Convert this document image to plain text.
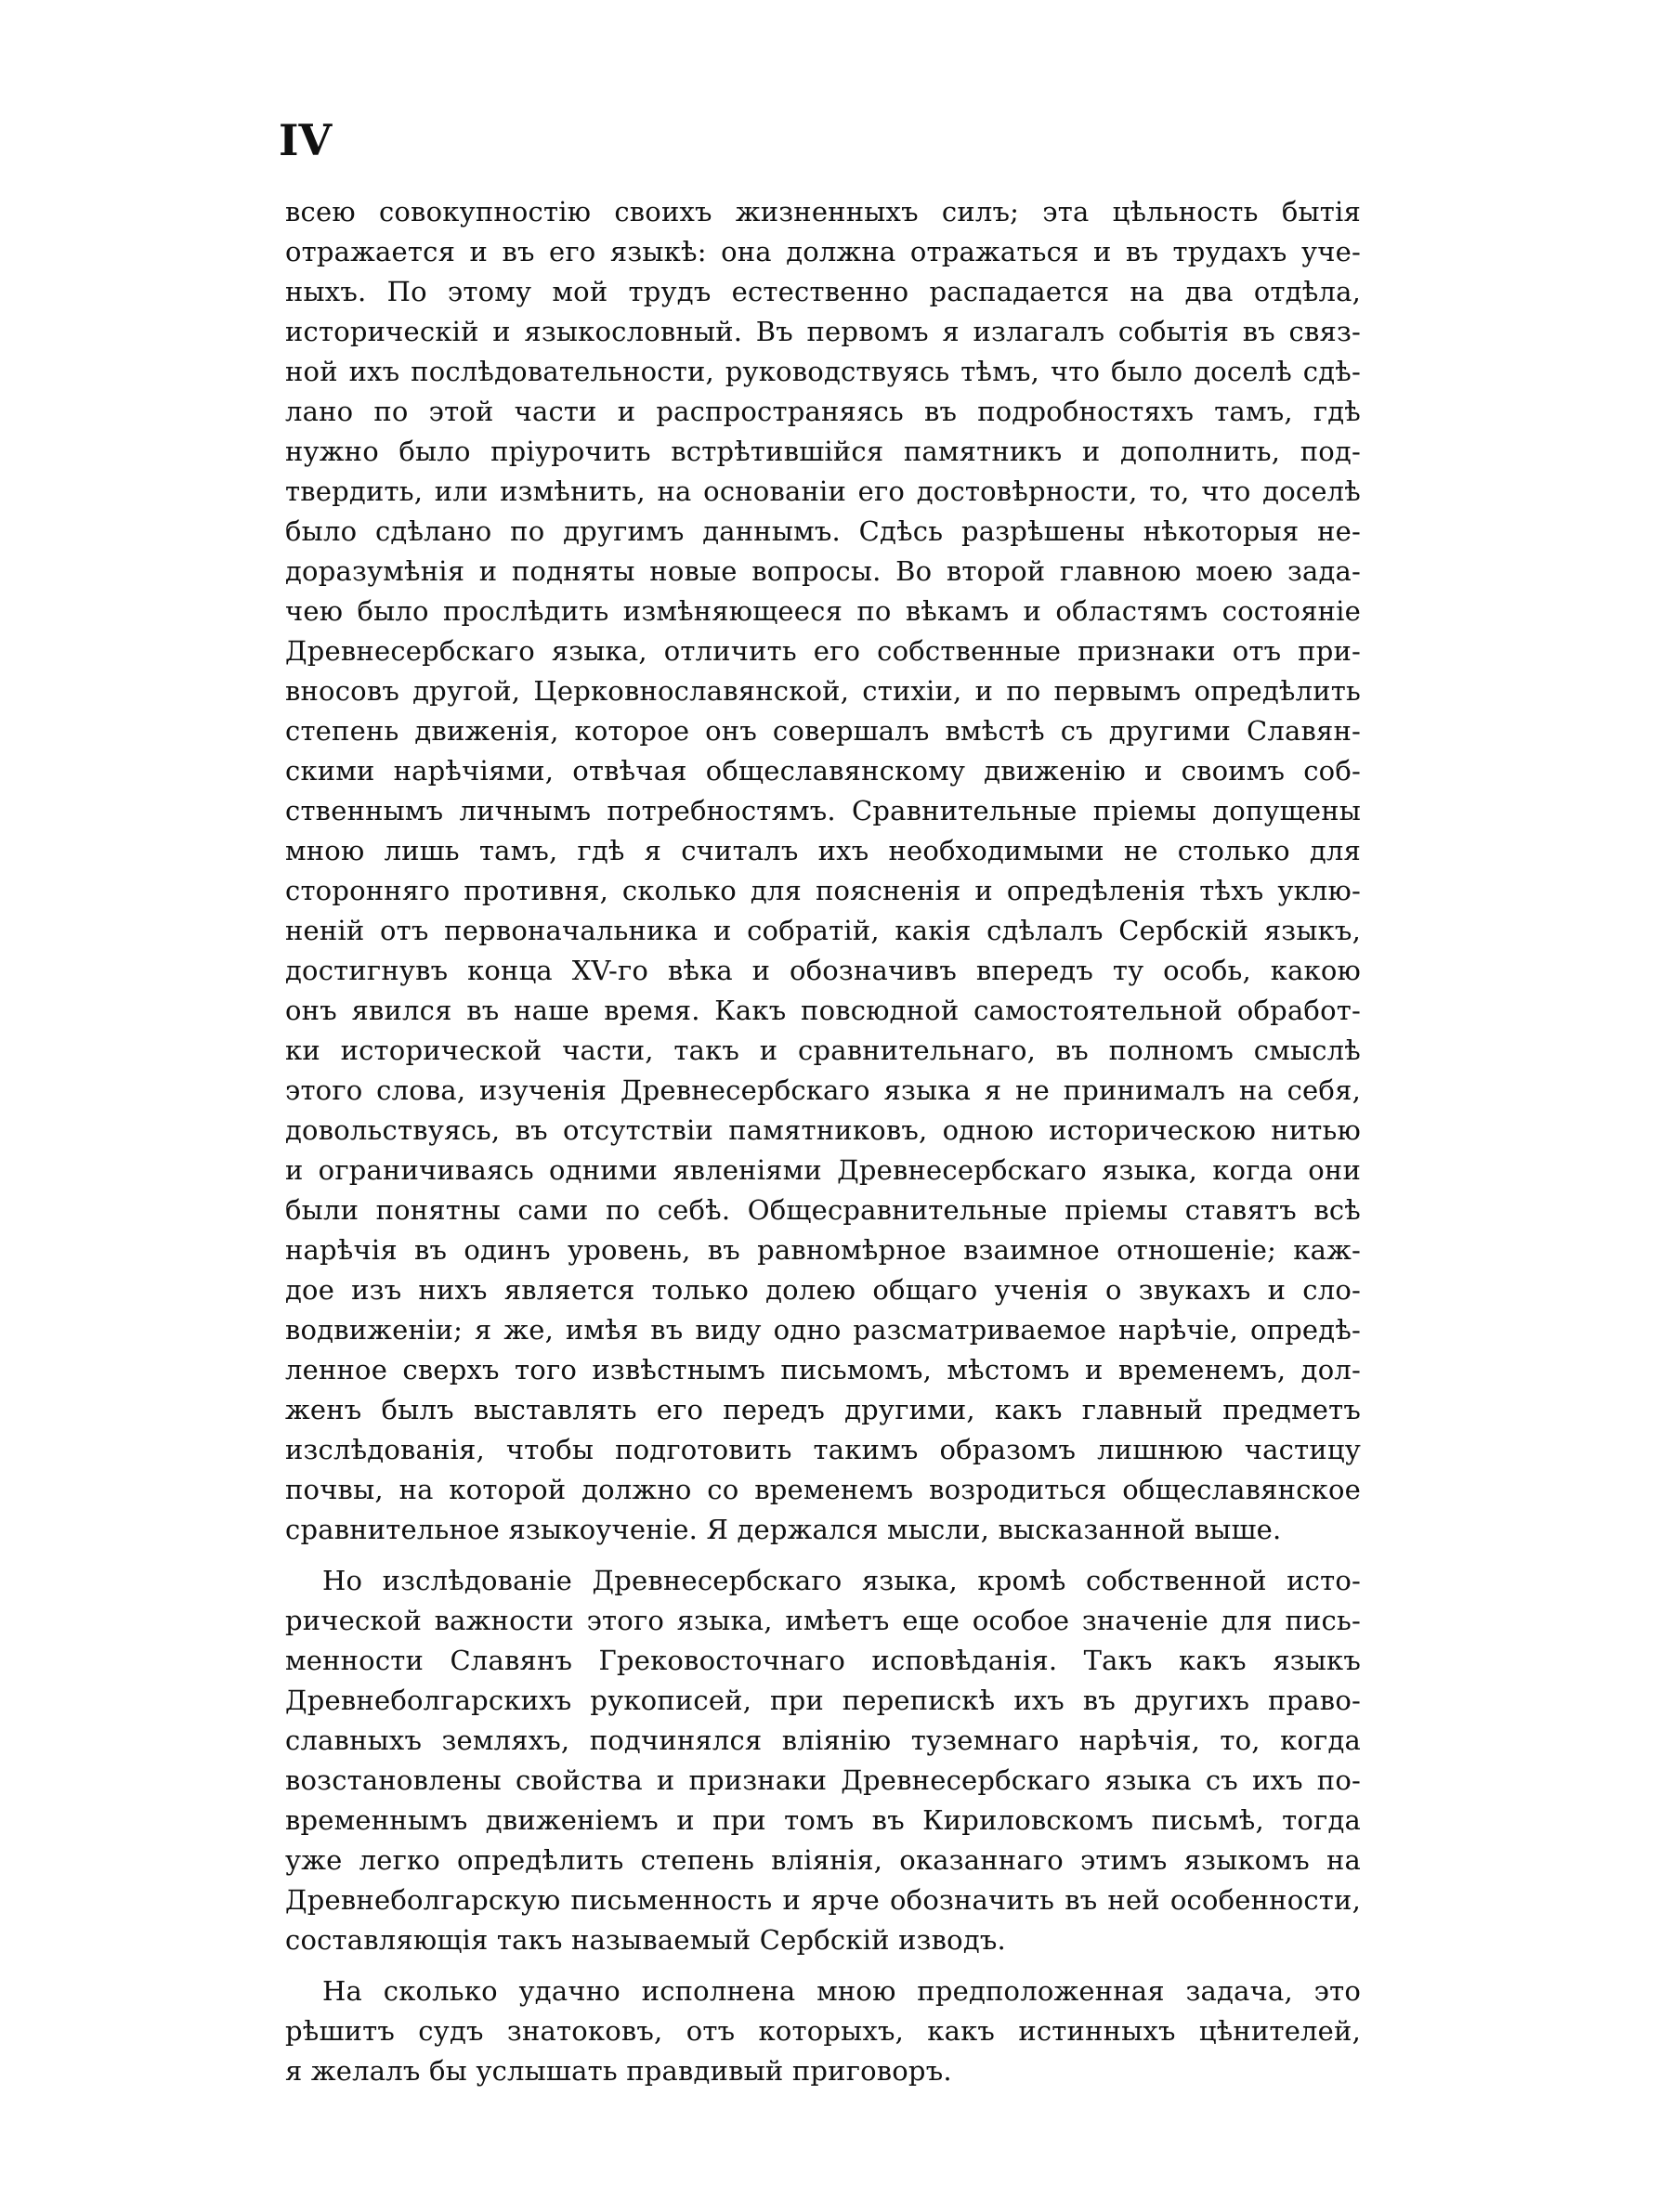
IV
всею совокупностію своихъ жизненныхъ силъ; эта цѣльность бытія
отражается и въ его языкѣ: она должна отражаться и въ трудахъ уче-
ныхъ. По этому мой трудъ естественно распадается на два отдѣла,
историческій и языкословный. Въ первомъ я излагалъ событія въ связ-
ной ихъ послѣдовательности, руководствуясь тѣмъ, что было доселѣ сдѣ-
лано по этой части и распространяясь въ подробностяхъ тамъ, гдѣ
нужно было пріурочить встрѣтившійся памятникъ и дополнить, под-
твердить, или измѣнить, на основаніи его достовѣрности, то, что доселѣ
было сдѣлано по другимъ даннымъ. Сдѣсь разрѣшены нѣкоторыя не-
доразумѣнія и подняты новые вопросы. Во второй главною моею зада-
чею было прослѣдить измѣняющееся по вѣкамъ и областямъ состояніе
Древнесербскаго языка, отличить его собственные признаки отъ при-
вносовъ другой, Церковнославянской, стихіи, и по первымъ опредѣлить
степень движенія, которое онъ совершалъ вмѣстѣ съ другими Славян-
скими нарѣчіями, отвѣчая общеславянскому движенію и своимъ соб-
ственнымъ личнымъ потребностямъ. Сравнительные пріемы допущены
мною лишь тамъ, гдѣ я считалъ ихъ необходимыми не столько для
сторонняго противня, сколько для поясненія и опредѣленія тѣхъ уклю-
неній отъ первоначальника и собратій, какія сдѣлалъ Сербскій языкъ,
достигнувъ конца XV-го вѣка и обозначивъ впередъ ту особь, какою
онъ явился въ наше время. Какъ повсюдной самостоятельной обработ-
ки исторической части, такъ и сравнительнаго, въ полномъ смыслѣ
этого слова, изученія Древнесербскаго языка я не принималъ на себя,
довольствуясь, въ отсутствіи памятниковъ, одною историческою нитью
и ограничиваясь одними явленіями Древнесербскаго языка, когда они
были понятны сами по себѣ. Общесравнительные пріемы ставятъ всѣ
нарѣчія въ одинъ уровень, въ равномѣрное взаимное отношеніе; каж-
дое изъ нихъ является только долею общаго ученія о звукахъ и сло-
водвиженіи; я же, имѣя въ виду одно разсматриваемое нарѣчіе, опредѣ-
ленное сверхъ того извѣстнымъ письмомъ, мѣстомъ и временемъ, дол-
женъ былъ выставлять его передъ другими, какъ главный предметъ
изслѣдованія, чтобы подготовить такимъ образомъ лишнюю частицу
почвы, на которой должно со временемъ возродиться общеславянское
сравнительное языкоученіе. Я держался мысли, высказанной выше.
Но изслѣдованіе Древнесербскаго языка, кромѣ собственной исто-
рической важности этого языка, имѣетъ еще особое значеніе для пись-
менности Славянъ Грековосточнаго исповѣданія. Такъ какъ языкъ
Древнеболгарскихъ рукописей, при перепискѣ ихъ въ другихъ право-
славныхъ земляхъ, подчинялся вліянію туземнаго нарѣчія, то, когда
возстановлены свойства и признаки Древнесербскаго языка съ ихъ по-
временнымъ движеніемъ и при томъ въ Кириловскомъ письмѣ, тогда
уже легко опредѣлить степень вліянія, оказаннаго этимъ языкомъ на
Древнеболгарскую письменность и ярче обозначить въ ней особенности,
составляющія такъ называемый Сербскій изводъ.
На сколько удачно исполнена мною предположенная задача, это
рѣшитъ судъ знатоковъ, отъ которыхъ, какъ истинныхъ цѣнителей,
я желалъ бы услышать правдивый приговоръ.
